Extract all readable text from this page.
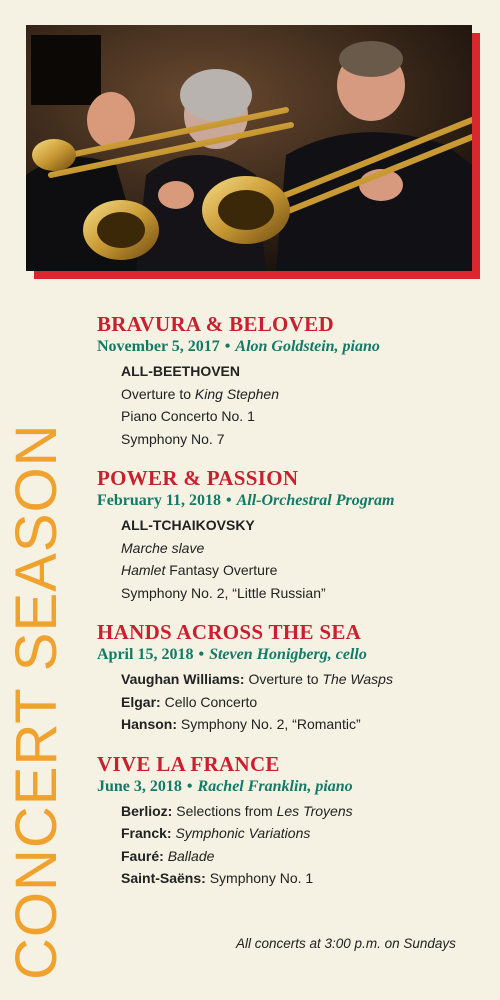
CONCERT SEASON
BRAVURA & BELOVED
November 5, 2017 • Alon Goldstein, piano
ALL-BEETHOVEN
Overture to King Stephen
Piano Concerto No. 1
Symphony No. 7
POWER & PASSION
February 11, 2018 • All-Orchestral Program
ALL-TCHAIKOVSKY
Marche slave
Hamlet Fantasy Overture
Symphony No. 2, “Little Russian”
HANDS ACROSS THE SEA
April 15, 2018 • Steven Honigberg, cello
Vaughan Williams: Overture to The Wasps
Elgar: Cello Concerto
Hanson: Symphony No. 2, “Romantic”
VIVE LA FRANCE
June 3, 2018 • Rachel Franklin, piano
Berlioz: Selections from Les Troyens
Franck: Symphonic Variations
Fauré: Ballade
Saint-Saëns: Symphony No. 1
All concerts at 3:00 p.m. on Sundays
